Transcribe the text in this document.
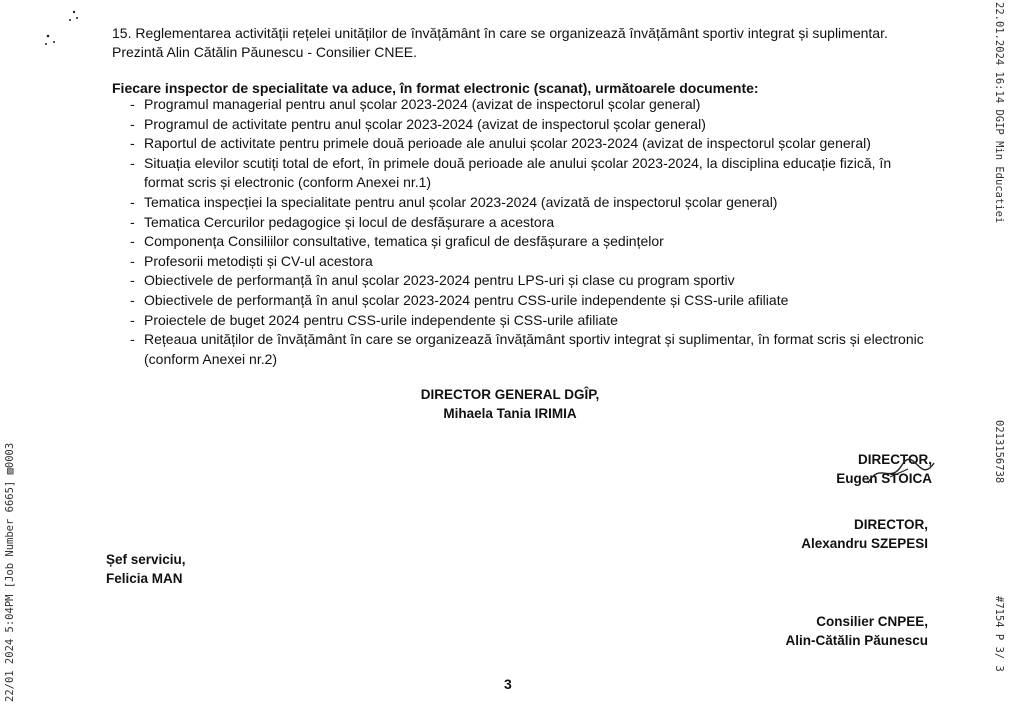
15. Reglementarea activității rețelei unităților de învățământ în care se organizează învățământ sportiv integrat și suplimentar.
Prezintă Alin Cătălin Păunescu - Consilier CNEE.
Fiecare inspector de specialitate va aduce, în format electronic (scanat), următoarele documente:
- Programul managerial pentru anul școlar 2023-2024 (avizat de inspectorul școlar general)
- Programul de activitate pentru anul școlar 2023-2024 (avizat de inspectorul școlar general)
- Raportul de activitate pentru primele două perioade ale anului școlar 2023-2024 (avizat de inspectorul școlar general)
- Situația elevilor scutiți total de efort, în primele două perioade ale anului școlar 2023-2024, la disciplina educație fizică, în format scris și electronic (conform Anexei nr.1)
- Tematica inspecției la specialitate pentru anul școlar 2023-2024 (avizată de inspectorul școlar general)
- Tematica Cercurilor pedagogice și locul de desfășurare a acestora
- Componența Consiliilor consultative, tematica și graficul de desfășurare a ședințelor
- Profesorii metodiști și CV-ul acestora
- Obiectivele de performanță în anul școlar 2023-2024 pentru LPS-uri și clase cu program sportiv
- Obiectivele de performanță în anul școlar 2023-2024 pentru CSS-urile independente și CSS-urile afiliate
- Proiectele de buget 2024 pentru CSS-urile independente și CSS-urile afiliate
- Rețeaua unităților de învățământ în care se organizează învățământ sportiv integrat și suplimentar, în format scris și electronic (conform Anexei nr.2)
DIRECTOR GENERAL DGÎP,
Mihaela Tania IRIMIA
DIRECTOR,
Eugen STOICA
DIRECTOR,
Alexandru SZEPESI
Șef serviciu,
Felicia MAN
Consilier CNPEE,
Alin-Cătălin Păunescu
3
22.01.2024 16:14 DGIP Min Educatiei
0213156738
#7154 P 3/ 3
22/01 2024 5:04PM [Job Number 6665] ▨0003
